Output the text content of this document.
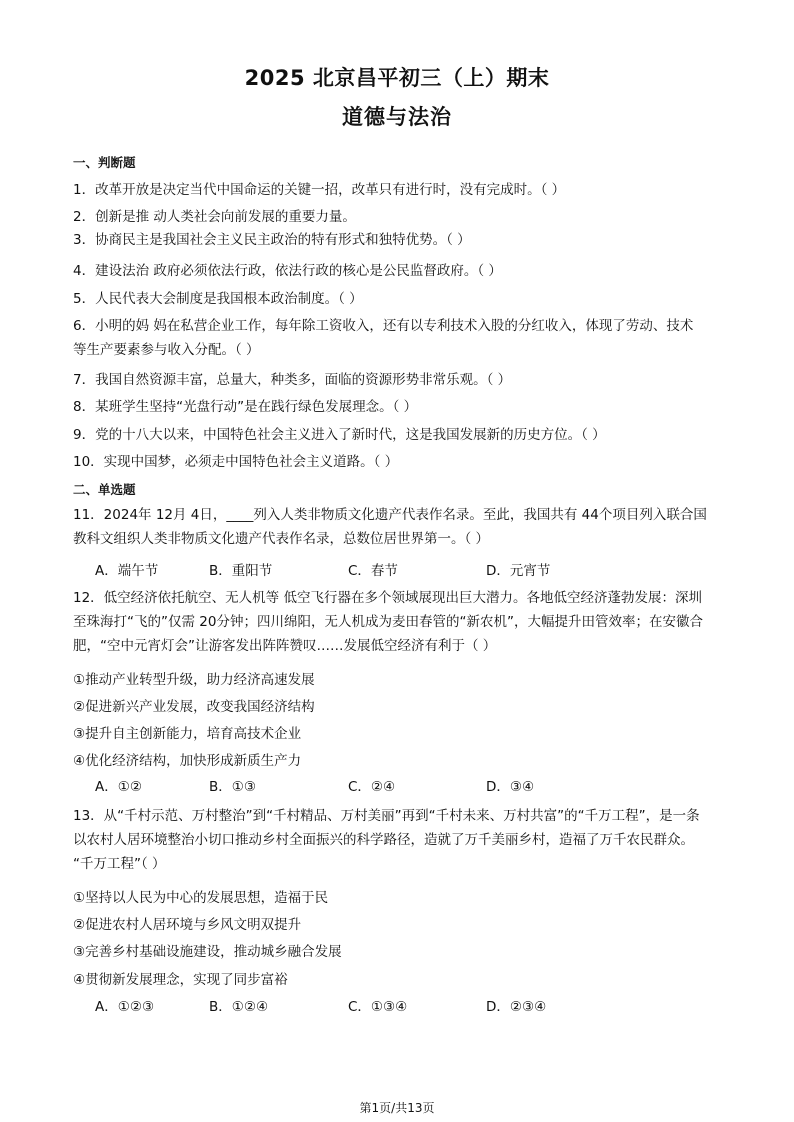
2025 北京昌平初三（上）期末
道德与法治
一、判断题
1．改革开放是决定当代中国命运的关键一招，改革只有进行时，没有完成时。（ ）
2．创新是推 动人类社会向前发展的重要力量。
3．协商民主是我国社会主义民主政治的特有形式和独特优势。（ ）
4．建设法治 政府必须依法行政，依法行政的核心是公民监督政府。（ ）
5．人民代表大会制度是我国根本政治制度。（ ）
6．小明的妈 妈在私营企业工作，每年除工资收入，还有以专利技术入股的分红收入，体现了劳动、技术
等生产要素参与收入分配。（ ）
7．我国自然资源丰富，总量大，种类多，面临的资源形势非常乐观。（ ）
8．某班学生坚持“光盘行动”是在践行绿色发展理念。（ ）
9．党的十八大以来，中国特色社会主义进入了新时代，这是我国发展新的历史方位。（ ）
10．实现中国梦，必须走中国特色社会主义道路。（ ）
二、单选题
11．2024年 12月 4日，____列入人类非物质文化遗产代表作名录。至此，我国共有 44个项目列入联合国
教科文组织人类非物质文化遗产代表作名录，总数位居世界第一。（ ）
A．端午节	B．重阳节	C．春节	D．元宵节
12．低空经济依托航空、无人机等 低空飞行器在多个领域展现出巨大潜力。各地低空经济蓬勃发展：深圳
至珠海打“飞的”仅需 20分钟；四川绵阳，无人机成为麦田春管的“新农机”，大幅提升田管效率；在安徽合
肥，“空中元宵灯会”让游客发出阵阵赞叹……发展低空经济有利于（ ）
①推动产业转型升级，助力经济高速发展
②促进新兴产业发展，改变我国经济结构
③提升自主创新能力，培育高技术企业
④优化经济结构，加快形成新质生产力
A．①②	B．①③	C．②④	D．③④
13．从“千村示范、万村整治”到“千村精品、万村美丽”再到“千村未来、万村共富”的“千万工程”，是一条
以农村人居环境整治小切口推动乡村全面振兴的科学路径，造就了万千美丽乡村，造福了万千农民群众。
“千万工程”（ ）
①坚持以人民为中心的发展思想，造福于民
②促进农村人居环境与乡风文明双提升
③完善乡村基础设施建设，推动城乡融合发展
④贯彻新发展理念，实现了同步富裕
A．①②③	B．①②④	C．①③④	D．②③④
第1页/共13页
